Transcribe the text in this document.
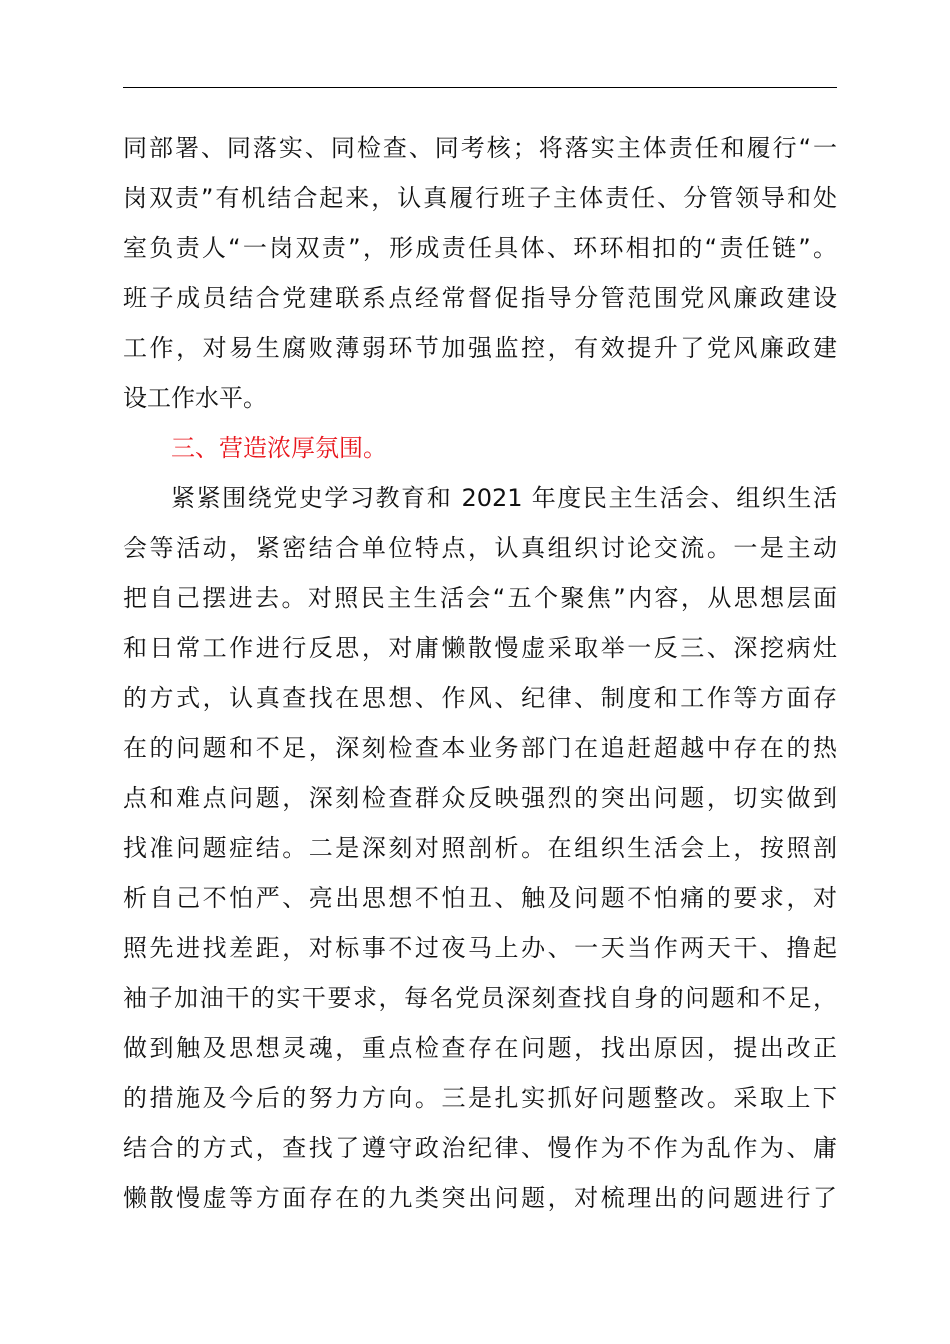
同部署、同落实、同检查、同考核；将落实主体责任和履行“一
岗双责”有机结合起来，认真履行班子主体责任、分管领导和处
室负责人“一岗双责”，形成责任具体、环环相扣的“责任链”。
班子成员结合党建联系点经常督促指导分管范围党风廉政建设
工作，对易生腐败薄弱环节加强监控，有效提升了党风廉政建
设工作水平。
三、营造浓厚氛围。
紧紧围绕党史学习教育和 2021 年度民主生活会、组织生活
会等活动，紧密结合单位特点，认真组织讨论交流。一是主动
把自己摆进去。对照民主生活会“五个聚焦”内容，从思想层面
和日常工作进行反思，对庸懒散慢虚采取举一反三、深挖病灶
的方式，认真查找在思想、作风、纪律、制度和工作等方面存
在的问题和不足，深刻检查本业务部门在追赶超越中存在的热
点和难点问题，深刻检查群众反映强烈的突出问题，切实做到
找准问题症结。二是深刻对照剖析。在组织生活会上，按照剖
析自己不怕严、亮出思想不怕丑、触及问题不怕痛的要求，对
照先进找差距，对标事不过夜马上办、一天当作两天干、撸起
袖子加油干的实干要求，每名党员深刻查找自身的问题和不足，
做到触及思想灵魂，重点检查存在问题，找出原因，提出改正
的措施及今后的努力方向。三是扎实抓好问题整改。采取上下
结合的方式，查找了遵守政治纪律、慢作为不作为乱作为、庸
懒散慢虚等方面存在的九类突出问题，对梳理出的问题进行了
